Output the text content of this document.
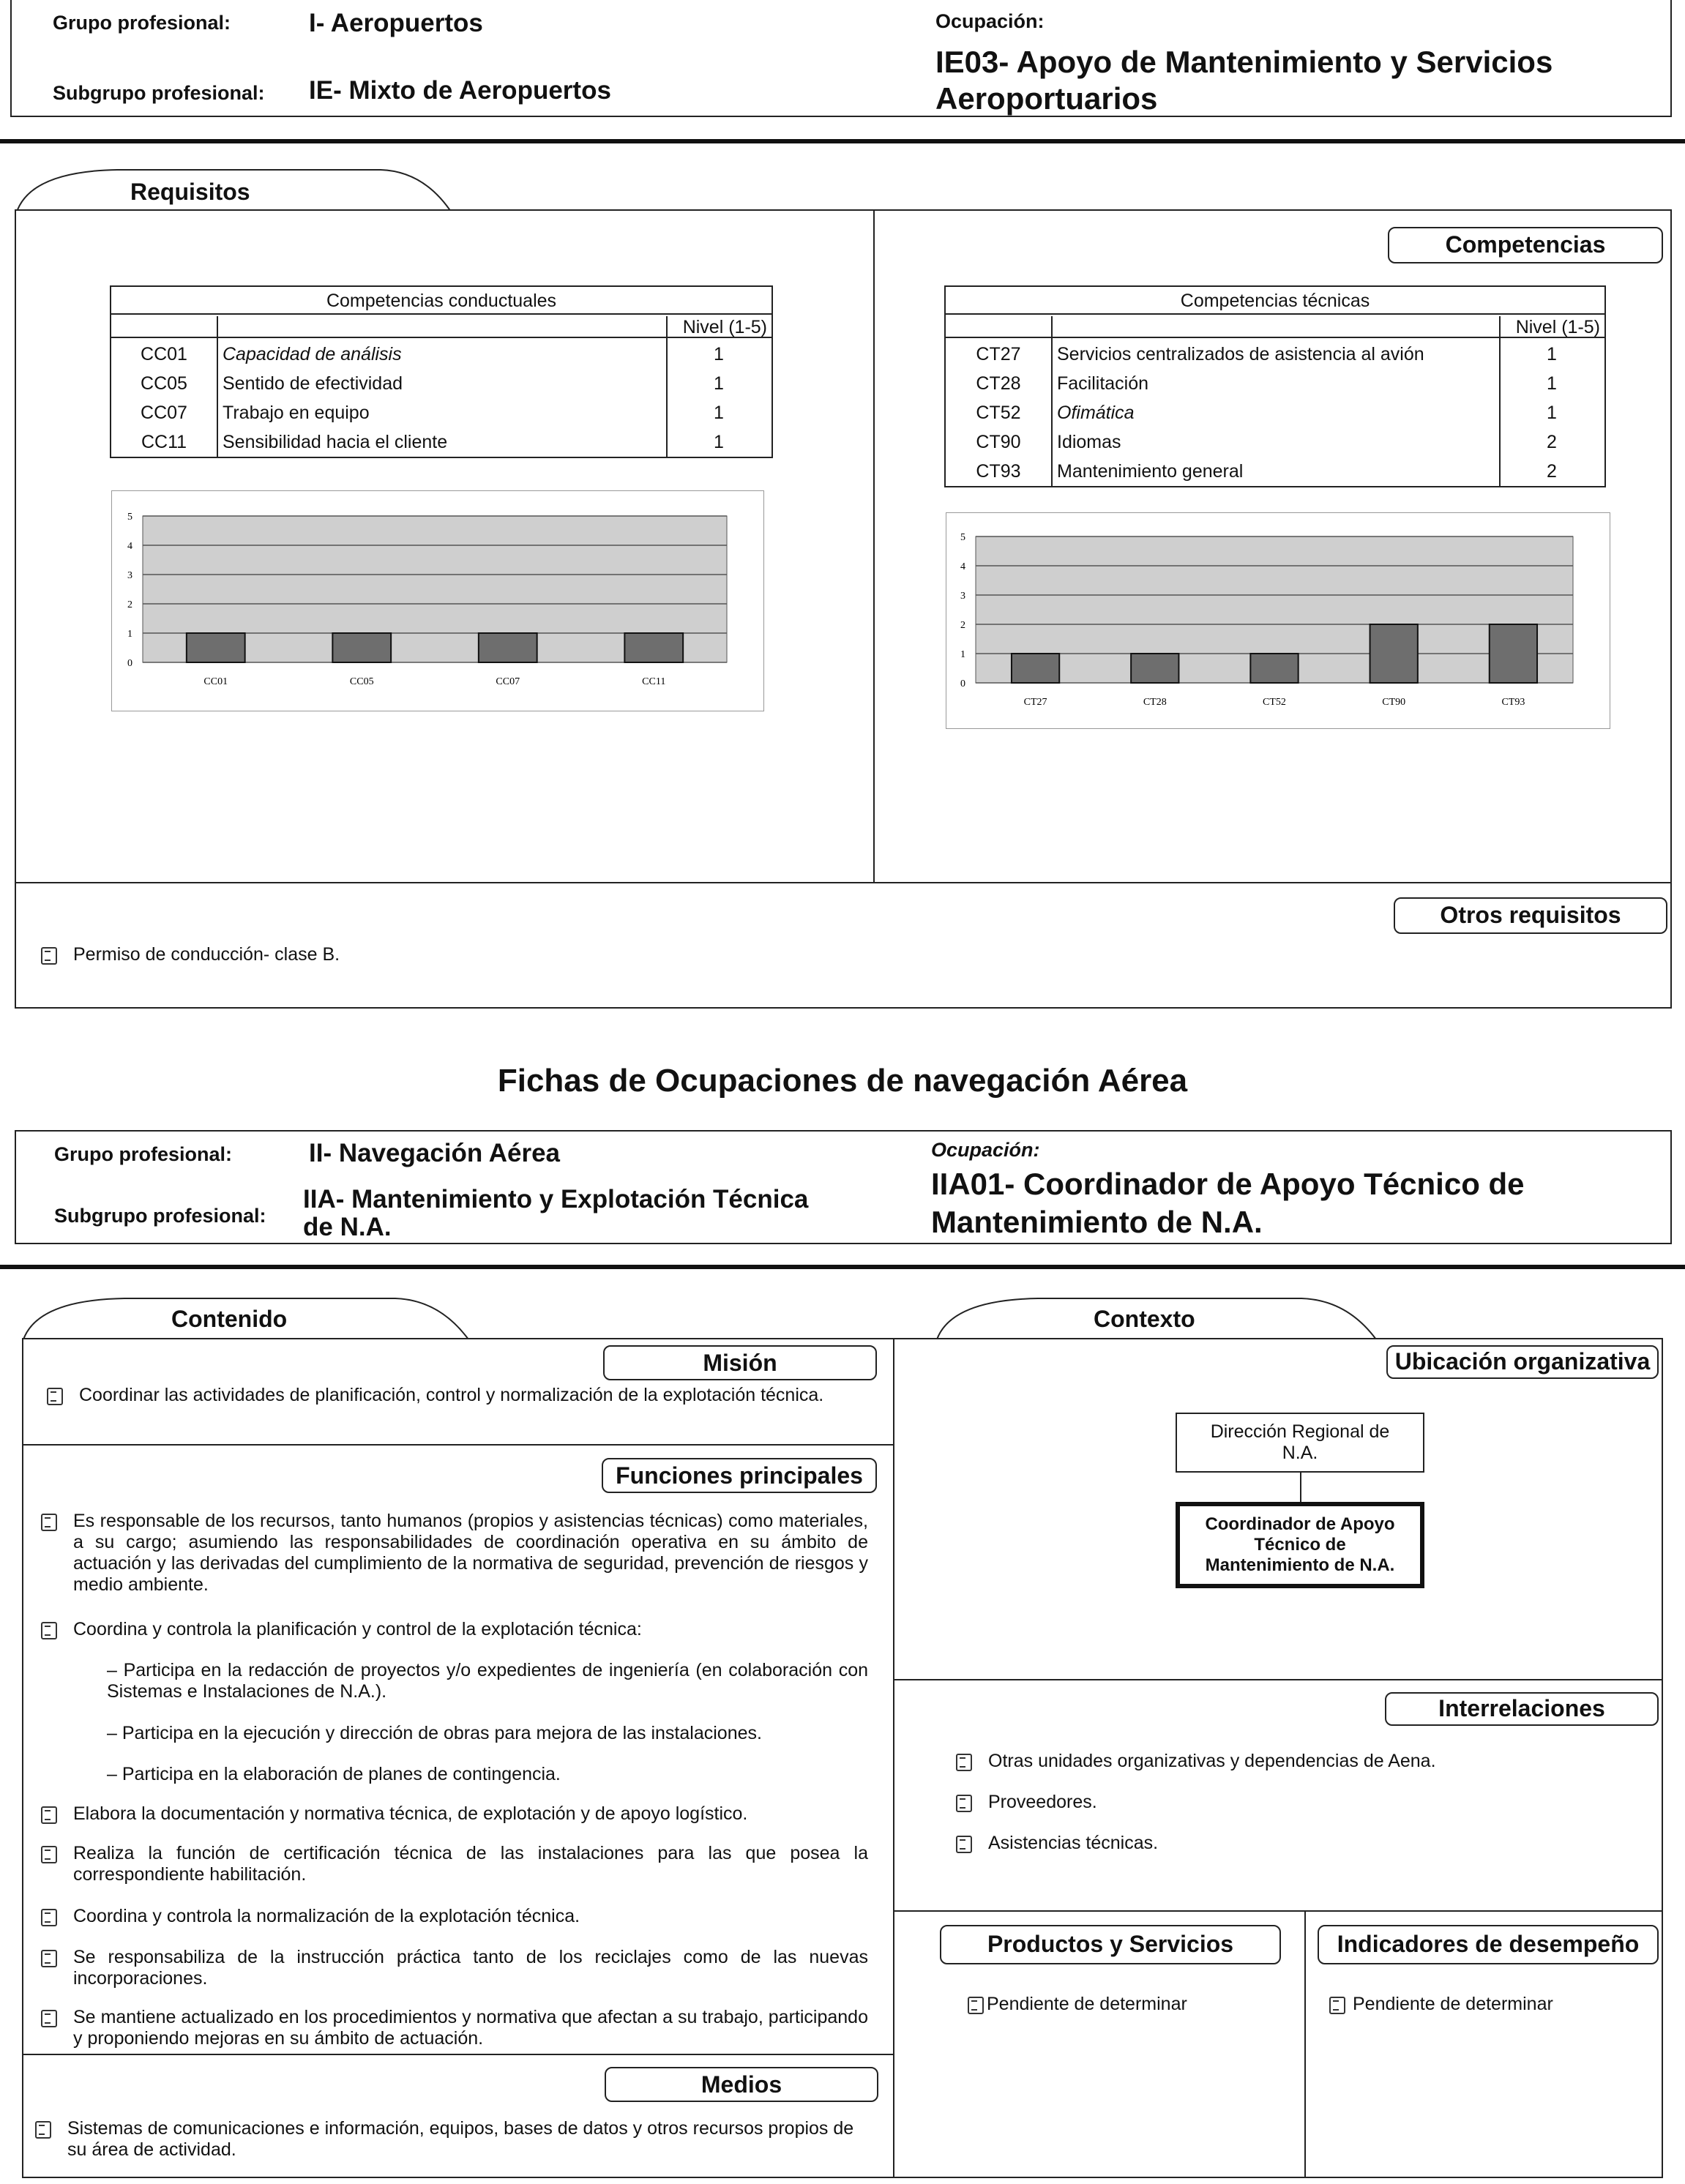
Grupo profesional:	I- Aeropuertos
Subgrupo profesional: IE- Mixto de Aeropuertos
Ocupación:
IE03- Apoyo de Mantenimiento y Servicios
Aeroportuarios
Requisitos
Competencias
Competencias conductuales
Nivel (1-5)
CC01	Capacidad de análisis	1
CC05	Sentido de efectividad	1
CC07	Trabajo en equipo	1
CC11	Sensibilidad hacia el cliente	1
0
1
2
3
4
5
CC01	CC05	CC07	CC11
Competencias técnicas
Nivel (1-5)
CT27	Servicios centralizados de asistencia al avión	1
CT28	Facilitación	1
CT52	Ofimática	1
CT90	Idiomas	2
CT93	Mantenimiento general	2
0
1
2
3
4
5
CT27	CT28	CT52	CT90	CT93
Otros requisitos
Permiso de conducción- clase B.
Fichas de Ocupaciones de navegación Aérea
Grupo profesional:	II- Navegación Aérea
Subgrupo profesional:
IIA- Mantenimiento y Explotación Técnica
de N.A.
Ocupación:
IIA01- Coordinador de Apoyo Técnico de
Mantenimiento de N.A.
Contenido	Contexto
Misión
Coordinar las actividades de planificación, control y normalización de la explotación técnica.
Funciones principales
Es responsable de los recursos, tanto humanos (propios y asistencias técnicas) como materiales, a su cargo; asumiendo las responsabilidades de coordinación operativa en su ámbito de actuación y las derivadas del cumplimiento de la normativa de seguridad, prevención de riesgos y medio ambiente.
Coordina y controla la planificación y control de la explotación técnica:
– Participa en la redacción de proyectos y/o expedientes de ingeniería (en colaboración con Sistemas e Instalaciones de N.A.).
– Participa en la ejecución y dirección de obras para mejora de las instalaciones.
– Participa en la elaboración de planes de contingencia.
Elabora la documentación y normativa técnica, de explotación y de apoyo logístico.
Realiza la función de certificación técnica de las instalaciones para las que posea la correspondiente habilitación.
Coordina y controla la normalización de la explotación técnica.
Se responsabiliza de la instrucción práctica tanto de los reciclajes como de las nuevas incorporaciones.
Se mantiene actualizado en los procedimientos y normativa que afectan a su trabajo, participando y proponiendo mejoras en su ámbito de actuación.
Medios
Sistemas de comunicaciones e información, equipos, bases de datos y otros recursos propios de su área de actividad.
Ubicación organizativa
Dirección Regional de N.A.
Coordinador de Apoyo Técnico de Mantenimiento de N.A.
Interrelaciones
Otras unidades organizativas y dependencias de Aena.
Proveedores.
Asistencias técnicas.
Productos y Servicios
Pendiente de determinar
Indicadores de desempeño
Pendiente de determinar
